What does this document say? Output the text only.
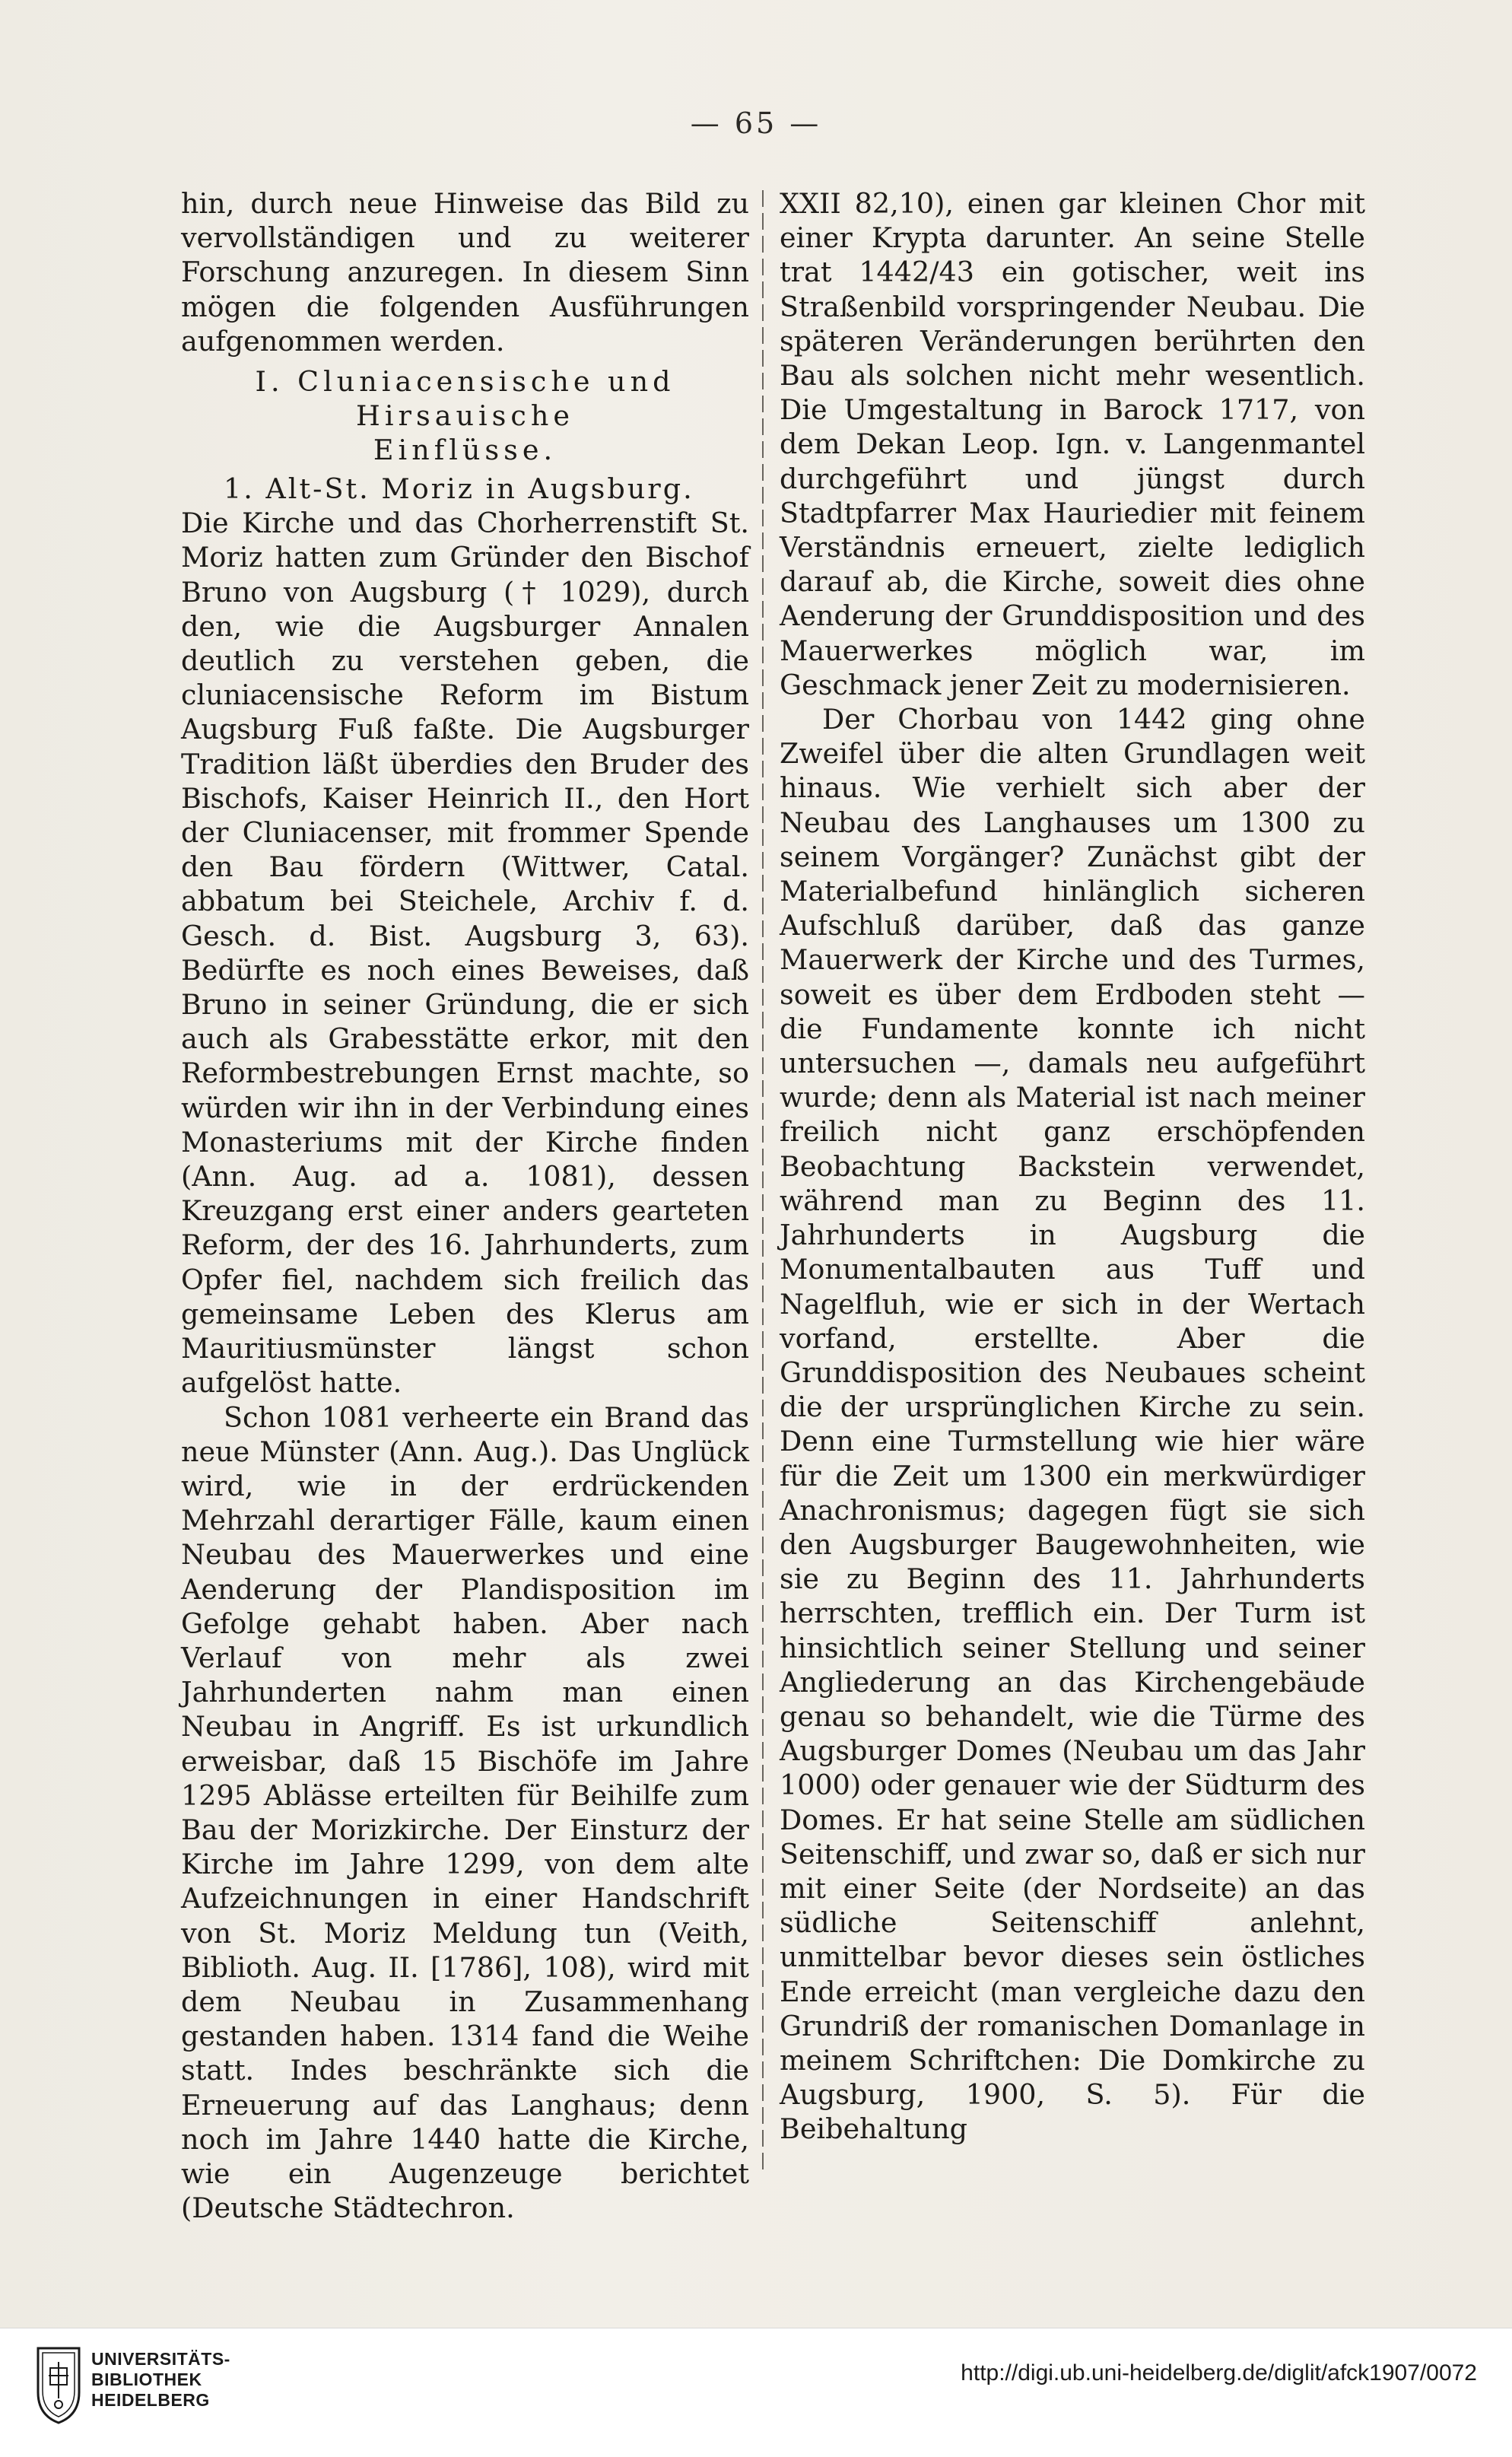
— 65 —

hin, durch neue Hinweise das Bild zu vervollständigen und zu weiterer Forschung anzuregen. In diesem Sinn mögen die folgenden Ausführungen aufgenommen werden.

I. Cluniacensische und Hirsauische
Einflüsse.

1. Alt-St. Moriz in Augsburg.

Die Kirche und das Chorherrenstift St. Moriz hatten zum Gründer den Bischof Bruno von Augsburg († 1029), durch den, wie die Augsburger Annalen deutlich zu verstehen geben, die cluniacensische Reform im Bistum Augsburg Fuß faßte. Die Augsburger Tradition läßt überdies den Bruder des Bischofs, Kaiser Heinrich II., den Hort der Cluniacenser, mit frommer Spende den Bau fördern (Wittwer, Catal. abbatum bei Steichele, Archiv f. d. Gesch. d. Bist. Augsburg 3, 63). Bedürfte es noch eines Beweises, daß Bruno in seiner Gründung, die er sich auch als Grabesstätte erkor, mit den Reformbestrebungen Ernst machte, so würden wir ihn in der Verbindung eines Monasteriums mit der Kirche finden (Ann. Aug. ad a. 1081), dessen Kreuzgang erst einer anders gearteten Reform, der des 16. Jahrhunderts, zum Opfer fiel, nachdem sich freilich das gemeinsame Leben des Klerus am Mauritiusmünster längst schon aufgelöst hatte.

Schon 1081 verheerte ein Brand das neue Münster (Ann. Aug.). Das Unglück wird, wie in der erdrückenden Mehrzahl derartiger Fälle, kaum einen Neubau des Mauerwerkes und eine Aenderung der Plandisposition im Gefolge gehabt haben. Aber nach Verlauf von mehr als zwei Jahrhunderten nahm man einen Neubau in Angriff. Es ist urkundlich erweisbar, daß 15 Bischöfe im Jahre 1295 Ablässe erteilten für Beihilfe zum Bau der Morizkirche. Der Einsturz der Kirche im Jahre 1299, von dem alte Aufzeichnungen in einer Handschrift von St. Moriz Meldung tun (Veith, Biblioth. Aug. II. [1786], 108), wird mit dem Neubau in Zusammenhang gestanden haben. 1314 fand die Weihe statt. Indes beschränkte sich die Erneuerung auf das Langhaus; denn noch im Jahre 1440 hatte die Kirche, wie ein Augenzeuge berichtet (Deutsche Städtechron.

XXII 82,10), einen gar kleinen Chor mit einer Krypta darunter. An seine Stelle trat 1442/43 ein gotischer, weit ins Straßenbild vorspringender Neubau. Die späteren Veränderungen berührten den Bau als solchen nicht mehr wesentlich. Die Umgestaltung in Barock 1717, von dem Dekan Leop. Ign. v. Langenmantel durchgeführt und jüngst durch Stadtpfarrer Max Hauriedier mit feinem Verständnis erneuert, zielte lediglich darauf ab, die Kirche, soweit dies ohne Aenderung der Grunddisposition und des Mauerwerkes möglich war, im Geschmack jener Zeit zu modernisieren.

Der Chorbau von 1442 ging ohne Zweifel über die alten Grundlagen weit hinaus. Wie verhielt sich aber der Neubau des Langhauses um 1300 zu seinem Vorgänger? Zunächst gibt der Materialbefund hinlänglich sicheren Aufschluß darüber, daß das ganze Mauerwerk der Kirche und des Turmes, soweit es über dem Erdboden steht — die Fundamente konnte ich nicht untersuchen —, damals neu aufgeführt wurde; denn als Material ist nach meiner freilich nicht ganz erschöpfenden Beobachtung Backstein verwendet, während man zu Beginn des 11. Jahrhunderts in Augsburg die Monumentalbauten aus Tuff und Nagelfluh, wie er sich in der Wertach vorfand, erstellte. Aber die Grunddisposition des Neubaues scheint die der ursprünglichen Kirche zu sein. Denn eine Turmstellung wie hier wäre für die Zeit um 1300 ein merkwürdiger Anachronismus; dagegen fügt sie sich den Augsburger Baugewohnheiten, wie sie zu Beginn des 11. Jahrhunderts herrschten, trefflich ein. Der Turm ist hinsichtlich seiner Stellung und seiner Angliederung an das Kirchengebäude genau so behandelt, wie die Türme des Augsburger Domes (Neubau um das Jahr 1000) oder genauer wie der Südturm des Domes. Er hat seine Stelle am südlichen Seitenschiff, und zwar so, daß er sich nur mit einer Seite (der Nordseite) an das südliche Seitenschiff anlehnt, unmittelbar bevor dieses sein östliches Ende erreicht (man vergleiche dazu den Grundriß der romanischen Domanlage in meinem Schriftchen: Die Domkirche zu Augsburg, 1900, S. 5). Für die Beibehaltung

UNIVERSITÄTS-
BIBLIOTHEK
HEIDELBERG
http://digi.ub.uni-heidelberg.de/diglit/afck1907/0072
